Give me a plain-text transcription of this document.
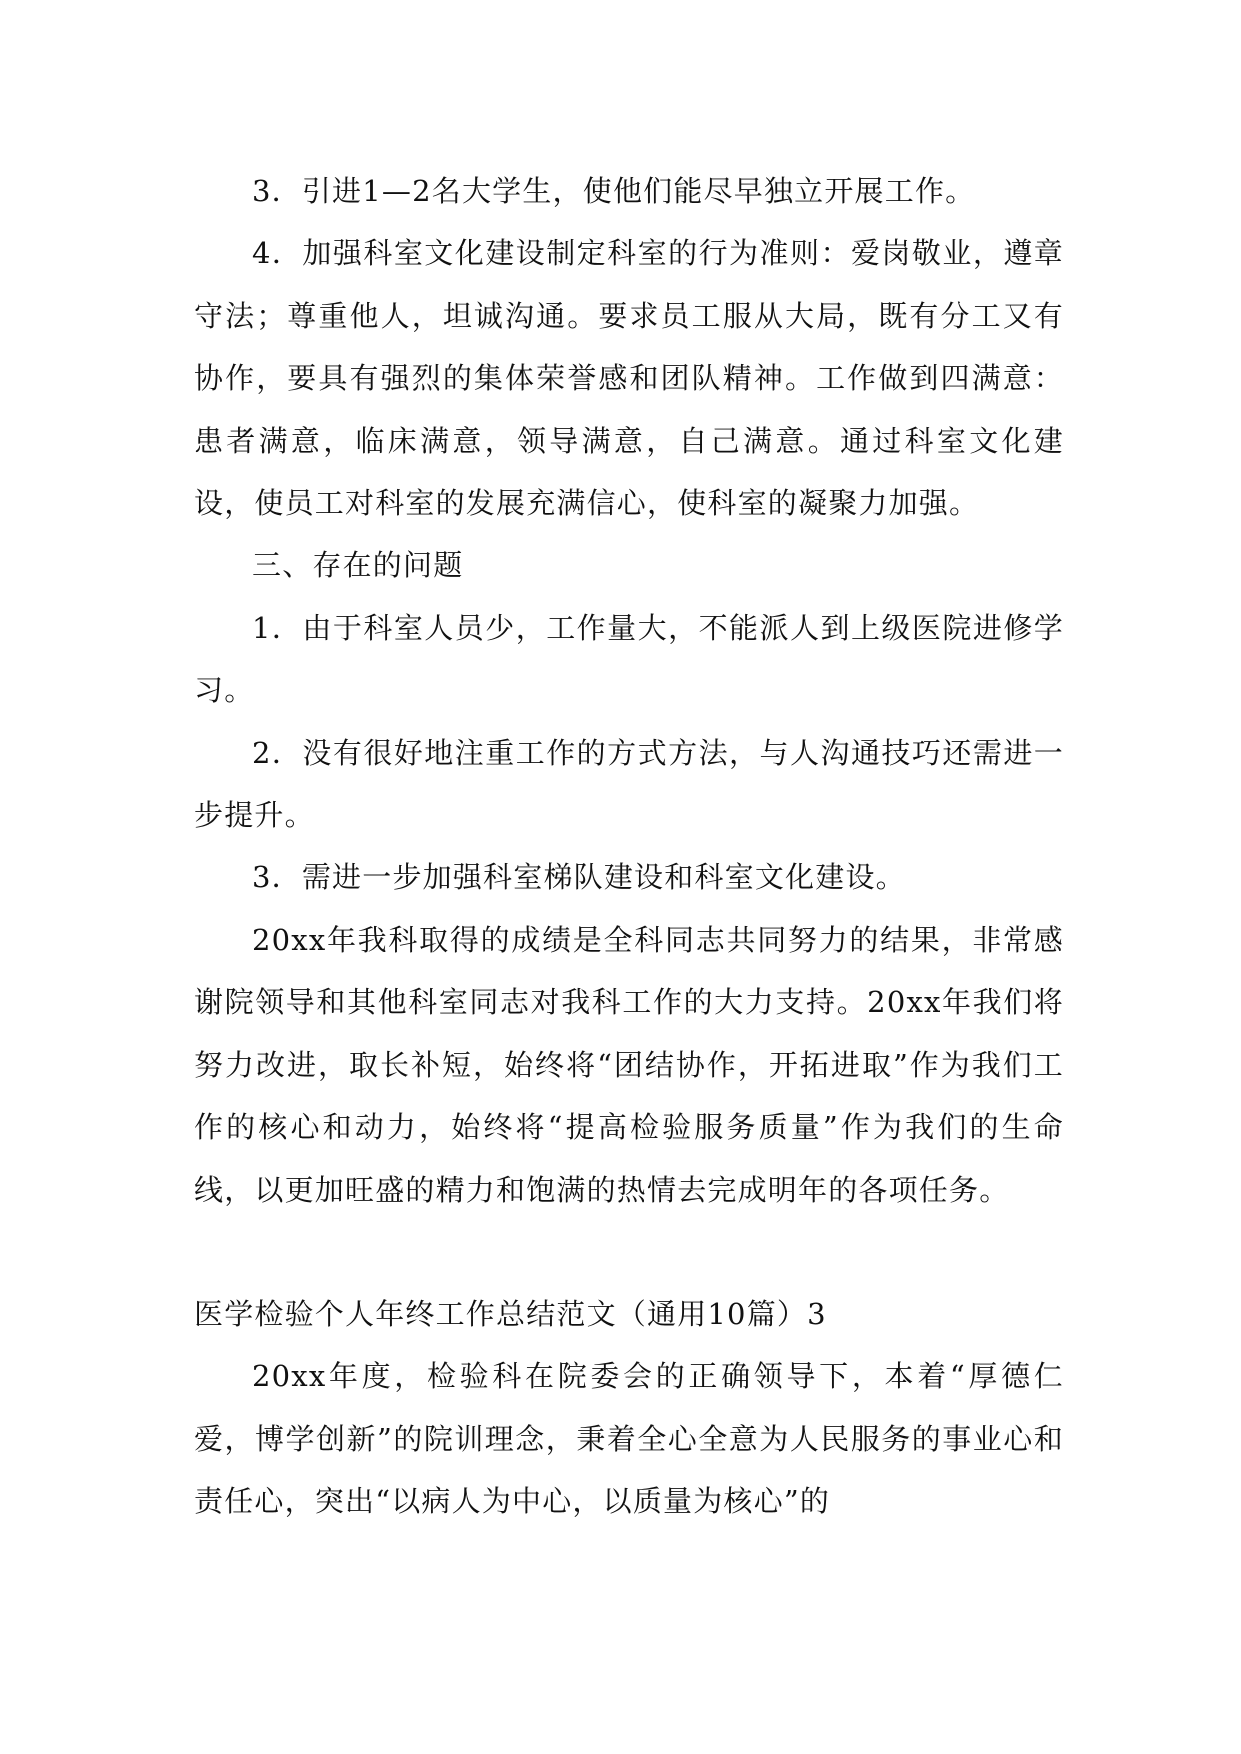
3．引进1—2名大学生，使他们能尽早独立开展工作。

4．加强科室文化建设制定科室的行为准则：爱岗敬业，遵章守法；尊重他人，坦诚沟通。要求员工服从大局，既有分工又有协作，要具有强烈的集体荣誉感和团队精神。工作做到四满意：患者满意，临床满意，领导满意，自己满意。通过科室文化建设，使员工对科室的发展充满信心，使科室的凝聚力加强。

三、存在的问题

1．由于科室人员少，工作量大，不能派人到上级医院进修学习。

2．没有很好地注重工作的方式方法，与人沟通技巧还需进一步提升。

3．需进一步加强科室梯队建设和科室文化建设。

20xx年我科取得的成绩是全科同志共同努力的结果，非常感谢院领导和其他科室同志对我科工作的大力支持。20xx年我们将努力改进，取长补短，始终将“团结协作，开拓进取”作为我们工作的核心和动力，始终将“提高检验服务质量”作为我们的生命线，以更加旺盛的精力和饱满的热情去完成明年的各项任务。

医学检验个人年终工作总结范文（通用10篇）3

20xx年度，检验科在院委会的正确领导下，本着“厚德仁爱，博学创新”的院训理念，秉着全心全意为人民服务的事业心和责任心，突出“以病人为中心，以质量为核心”的
